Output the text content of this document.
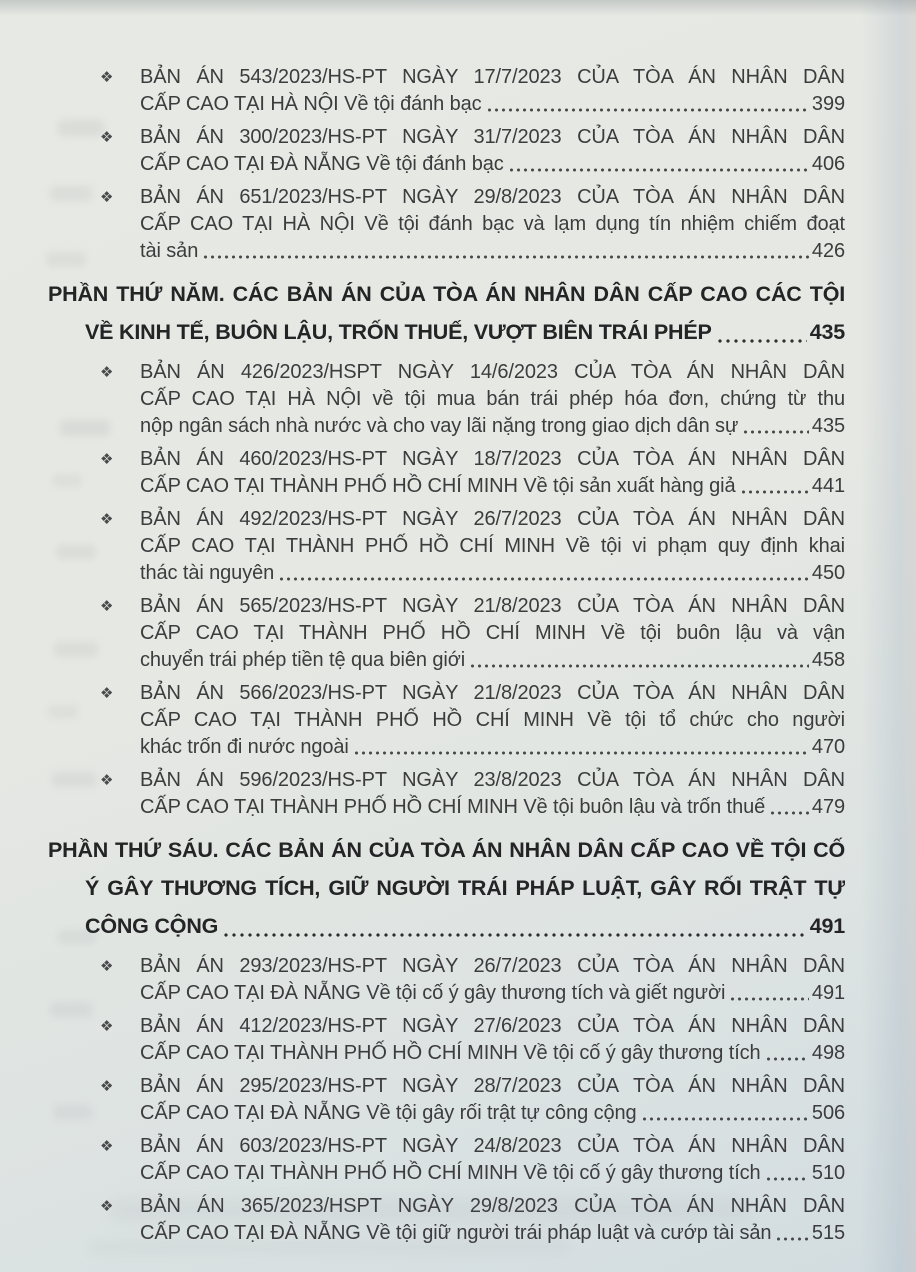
❖	BẢN ÁN 543/2023/HS-PT NGÀY 17/7/2023 CỦA TÒA ÁN NHÂN DÂN
CẤP CAO TẠI HÀ NỘI Về tội đánh bạc	399
❖	BẢN ÁN 300/2023/HS-PT NGÀY 31/7/2023 CỦA TÒA ÁN NHÂN DÂN
CẤP CAO TẠI ĐÀ NẴNG Về tội đánh bạc	406
❖	BẢN ÁN 651/2023/HS-PT NGÀY 29/8/2023 CỦA TÒA ÁN NHÂN DÂN
CẤP CAO TẠI HÀ NỘI Về tội đánh bạc và lạm dụng tín nhiệm chiếm đoạt
tài sản	426
PHẦN THỨ NĂM. CÁC BẢN ÁN CỦA TÒA ÁN NHÂN DÂN CẤP CAO CÁC TỘI
VỀ KINH TẾ, BUÔN LẬU, TRỐN THUẾ, VƯỢT BIÊN TRÁI PHÉP	435
❖	BẢN ÁN 426/2023/HSPT NGÀY 14/6/2023 CỦA TÒA ÁN NHÂN DÂN
CẤP CAO TẠI HÀ NỘI về tội mua bán trái phép hóa đơn, chứng từ thu
nộp ngân sách nhà nước và cho vay lãi nặng trong giao dịch dân sự	435
❖	BẢN ÁN 460/2023/HS-PT NGÀY 18/7/2023 CỦA TÒA ÁN NHÂN DÂN
CẤP CAO TẠI THÀNH PHỐ HỒ CHÍ MINH Về tội sản xuất hàng giả	441
❖	BẢN ÁN 492/2023/HS-PT NGÀY 26/7/2023 CỦA TÒA ÁN NHÂN DÂN
CẤP CAO TẠI THÀNH PHỐ HỒ CHÍ MINH Về tội vi phạm quy định khai
thác tài nguyên	450
❖	BẢN ÁN 565/2023/HS-PT NGÀY 21/8/2023 CỦA TÒA ÁN NHÂN DÂN
CẤP CAO TẠI THÀNH PHỐ HỒ CHÍ MINH Về tội buôn lậu và vận
chuyển trái phép tiền tệ qua biên giới	458
❖	BẢN ÁN 566/2023/HS-PT NGÀY 21/8/2023 CỦA TÒA ÁN NHÂN DÂN
CẤP CAO TẠI THÀNH PHỐ HỒ CHÍ MINH Về tội tổ chức cho người
khác trốn đi nước ngoài	470
❖	BẢN ÁN 596/2023/HS-PT NGÀY 23/8/2023 CỦA TÒA ÁN NHÂN DÂN
CẤP CAO TẠI THÀNH PHỐ HỒ CHÍ MINH Về tội buôn lậu và trốn thuế 479
PHẦN THỨ SÁU. CÁC BẢN ÁN CỦA TÒA ÁN NHÂN DÂN CẤP CAO VỀ TỘI CỐ
Ý GÂY THƯƠNG TÍCH, GIỮ NGƯỜI TRÁI PHÁP LUẬT, GÂY RỐI TRẬT TỰ
CÔNG CỘNG	491
❖	BẢN ÁN 293/2023/HS-PT NGÀY 26/7/2023 CỦA TÒA ÁN NHÂN DÂN
CẤP CAO TẠI ĐÀ NẴNG Về tội cố ý gây thương tích và giết người	491
❖	BẢN ÁN 412/2023/HS-PT NGÀY 27/6/2023 CỦA TÒA ÁN NHÂN DÂN
CẤP CAO TẠI THÀNH PHỐ HỒ CHÍ MINH Về tội cố ý gây thương tích	498
❖	BẢN ÁN 295/2023/HS-PT NGÀY 28/7/2023 CỦA TÒA ÁN NHÂN DÂN
CẤP CAO TẠI ĐÀ NẴNG Về tội gây rối trật tự công cộng	506
❖	BẢN ÁN 603/2023/HS-PT NGÀY 24/8/2023 CỦA TÒA ÁN NHÂN DÂN
CẤP CAO TẠI THÀNH PHỐ HỒ CHÍ MINH Về tội cố ý gây thương tích	510
❖	BẢN ÁN 365/2023/HSPT NGÀY 29/8/2023 CỦA TÒA ÁN NHÂN DÂN
CẤP CAO TẠI ĐÀ NẴNG Về tội giữ người trái pháp luật và cướp tài sản 515
